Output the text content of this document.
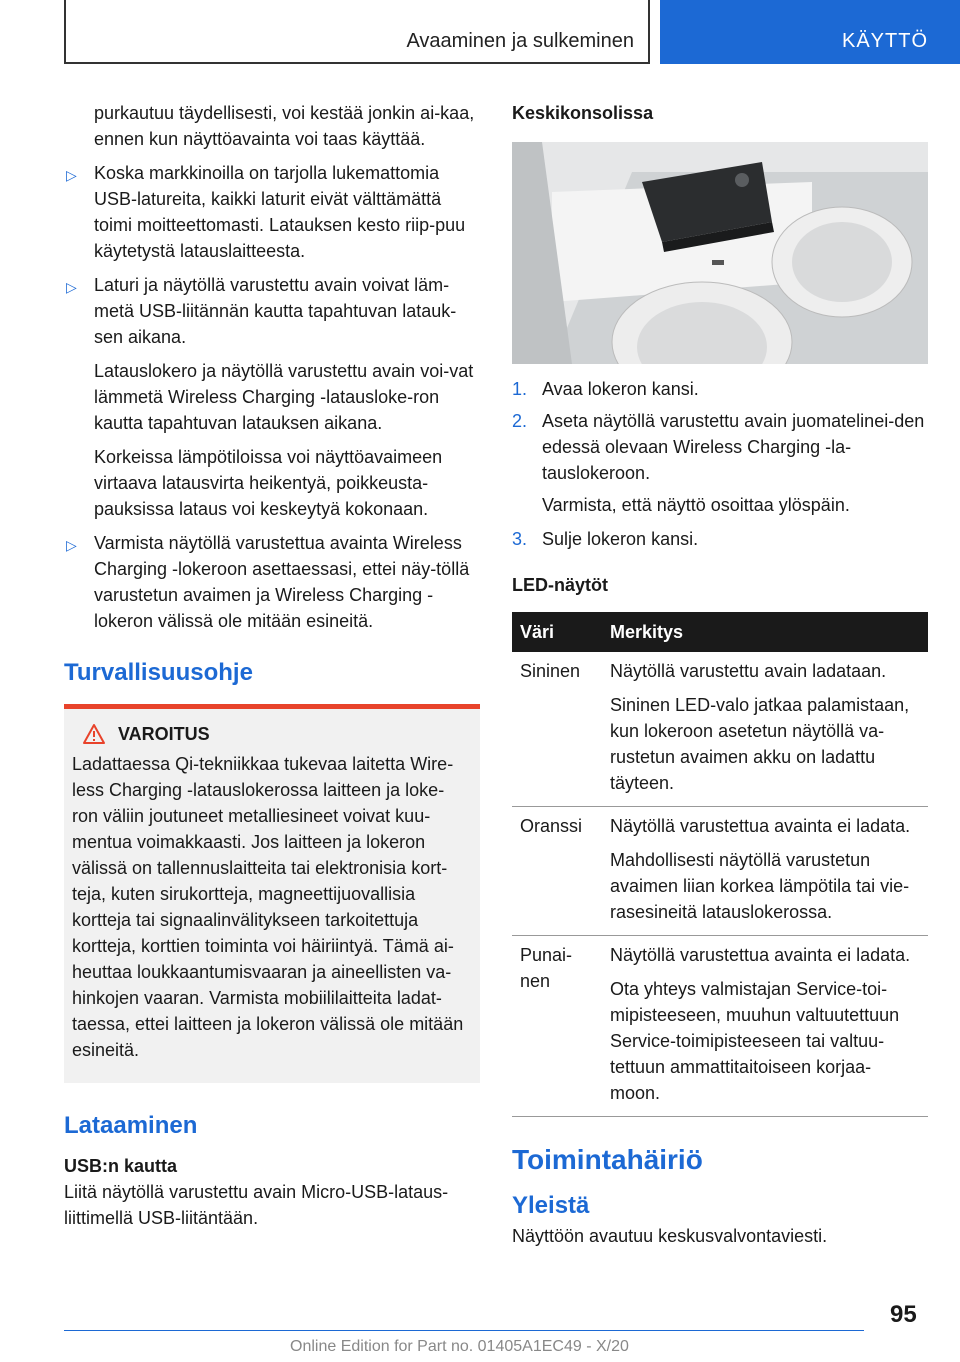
Avaaminen ja sulkeminen	KÄYTTÖ

purkautuu täydellisesti, voi kestää jonkin ai-kaa, ennen kun näyttöavainta voi taas käyttää.

▷ Koska markkinoilla on tarjolla lukemattomia USB-latureita, kaikki laturit eivät välttämättä toimi moitteettomasti. Latauksen kesto riip-puu käytetystä latauslaitteesta.
▷ Laturi ja näytöllä varustettu avain voivat läm-metä USB-liitännän kautta tapahtuvan latauk-sen aikana.

Latauslokero ja näytöllä varustettu avain voi-vat lämmetä Wireless Charging -latausloke-ron kautta tapahtuvan latauksen aikana.

Korkeissa lämpötiloissa voi näyttöavaimeen virtaava latausvirta heikentyä, poikkeusta-pauksissa lataus voi keskeytyä kokonaan.

▷ Varmista näytöllä varustettua avainta Wireless Charging -lokeroon asettaessasi, ettei näy-töllä varustetun avaimen ja Wireless Charging -lokeron välissä ole mitään esineitä.
Turvallisuusohje
VAROITUS

Ladattaessa Qi-tekniikkaa tukevaa laitetta Wire-less Charging -latauslokerossa laitteen ja loke-ron väliin joutuneet metalliesineet voivat kuu-mentua voimakkaasti. Jos laitteen ja lokeron välissä on tallennuslaitteita tai elektronisia kort-teja, kuten sirukortteja, magneettijuovallisia kortteja tai signaalinvälitykseen tarkoitettuja kortteja, korttien toiminta voi häiriintyä. Tämä ai-heuttaa loukkaantumisvaaran ja aineellisten va-hinkojen vaaran. Varmista mobiililaitteita ladat-taessa, ettei laitteen ja lokeron välissä ole mitään esineitä.

Lataaminen

USB:n kautta

Liitä näytöllä varustettu avain Micro-USB-lataus-liittimellä USB-liitäntään.

Keskikonsolissa

1. Avaa lokeron kansi.
2. Aseta näytöllä varustettu avain juomatelinei-den edessä olevaan Wireless Charging -la-tauslokeroon.

Varmista, että näyttö osoittaa ylöspäin.

3. Sulje lokeron kansi.

LED-näytöt

Väri	Merkitys
Sininen	Näytöllä varustettu avain ladataan.

Sininen LED-valo jatkaa palamistaan, kun lokeroon asetetun näytöllä va-rustetun avaimen akku on ladattu täyteen.

Oranssi	Näytöllä varustettua avainta ei ladata.

Mahdollisesti näytöllä varustetun avaimen liian korkea lämpötila tai vie-rasesineitä latauslokerossa.

Punai-nen	Näytöllä varustettua avainta ei ladata.

Ota yhteys valmistajan Service-toi-mipisteeseen, muuhun valtuutettuun Service-toimipisteeseen tai valtuu-tettuun ammattitaitoiseen korjaa-moon.

Toimintahäiriö
Yleistä

Näyttöön avautuu keskusvalvontaviesti.

95
Online Edition for Part no. 01405A1EC49 - X/20
